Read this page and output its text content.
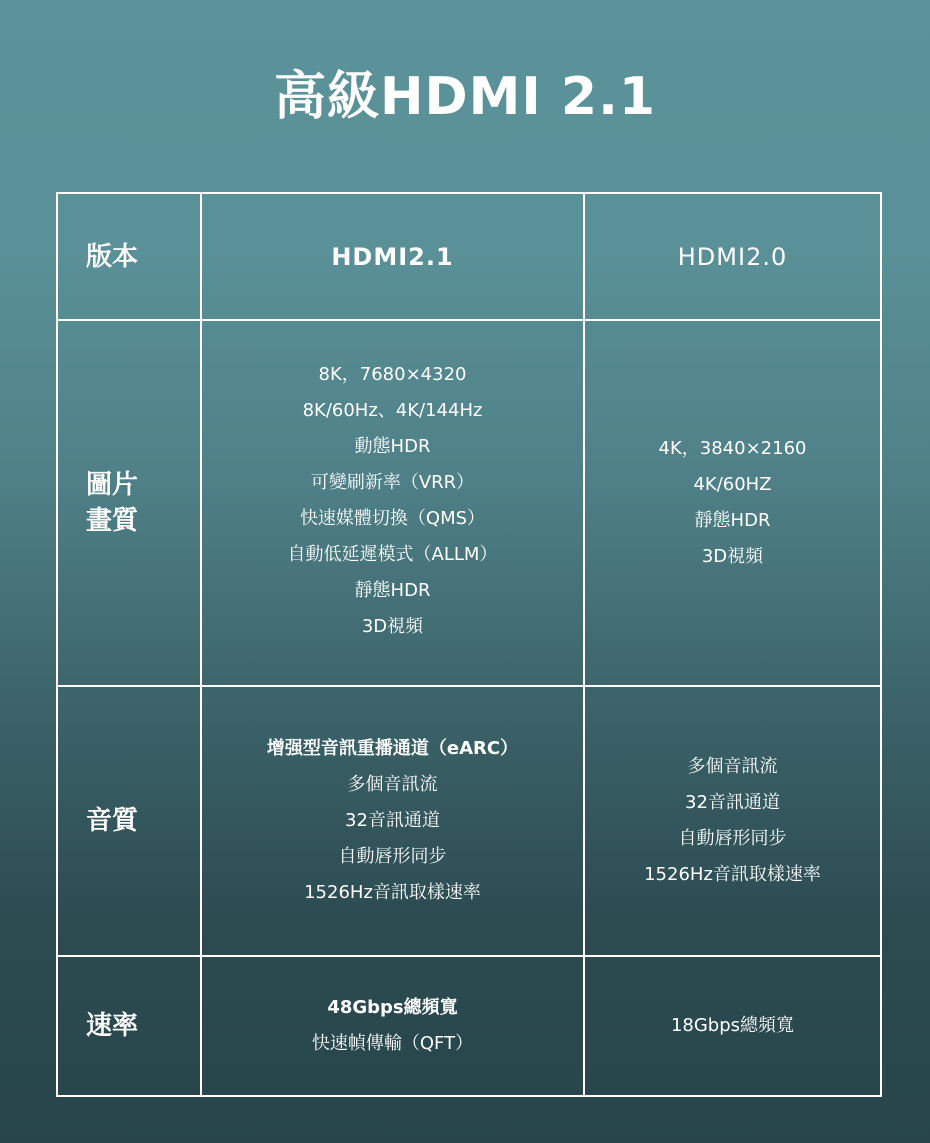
高級HDMI 2.1
版本	HDMI2.1	HDMI2.0
圖片
畫質
8K，7680×4320
8K/60Hz、4K/144Hz
動態HDR
可變刷新率（VRR）
快速媒體切換（QMS）
自動低延遲模式（ALLM）
靜態HDR
3D視頻
4K，3840×2160
4K/60HZ
靜態HDR
3D視頻
音質
增强型音訊重播通道（eARC）
多個音訊流
32音訊通道
自動唇形同步
1526Hz音訊取樣速率
多個音訊流
32音訊通道
自動唇形同步
1526Hz音訊取樣速率
速率
48Gbps總頻寬
快速幀傳輸（QFT）
18Gbps總頻寬
